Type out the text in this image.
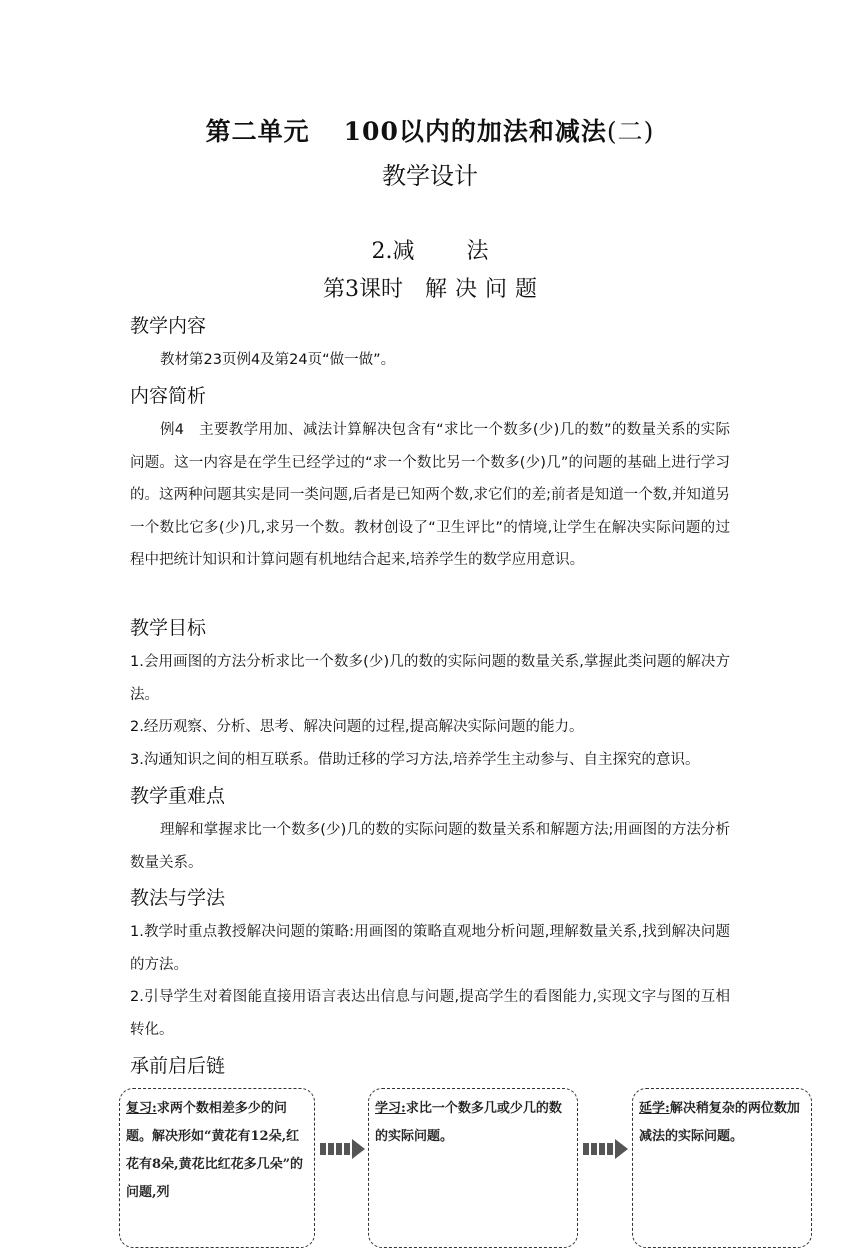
第二单元 100以内的加法和减法(二)
教学设计
2.减 法
第3课时 解 决 问 题
教学内容

教材第23页例4及第24页“做一做”。

内容简析

例4　主要教学用加、减法计算解决包含有“求比一个数多(少)几的数”的数量关系的实际问题。这一内容是在学生已经学过的“求一个数比另一个数多(少)几”的问题的基础上进行学习的。这两种问题其实是同一类问题,后者是已知两个数,求它们的差;前者是知道一个数,并知道另一个数比它多(少)几,求另一个数。教材创设了“卫生评比”的情境,让学生在解决实际问题的过程中把统计知识和计算问题有机地结合起来,培养学生的数学应用意识。

教学目标

1.会用画图的方法分析求比一个数多(少)几的数的实际问题的数量关系,掌握此类问题的解决方法。

2.经历观察、分析、思考、解决问题的过程,提高解决实际问题的能力。

3.沟通知识之间的相互联系。借助迁移的学习方法,培养学生主动参与、自主探究的意识。

教学重难点

理解和掌握求比一个数多(少)几的数的实际问题的数量关系和解题方法;用画图的方法分析数量关系。

教法与学法

1.教学时重点教授解决问题的策略:用画图的策略直观地分析问题,理解数量关系,找到解决问题的方法。

2.引导学生对着图能直接用语言表达出信息与问题,提高学生的看图能力,实现文字与图的互相转化。

承前启后链
复习:求两个数相差多少的问题。解决形如“黄花有12朵,红花有8朵,黄花比红花多几朵”的问题,列
学习:求比一个数多几或少几的数的实际问题。
延学:解决稍复杂的两位数加减法的实际问题。
